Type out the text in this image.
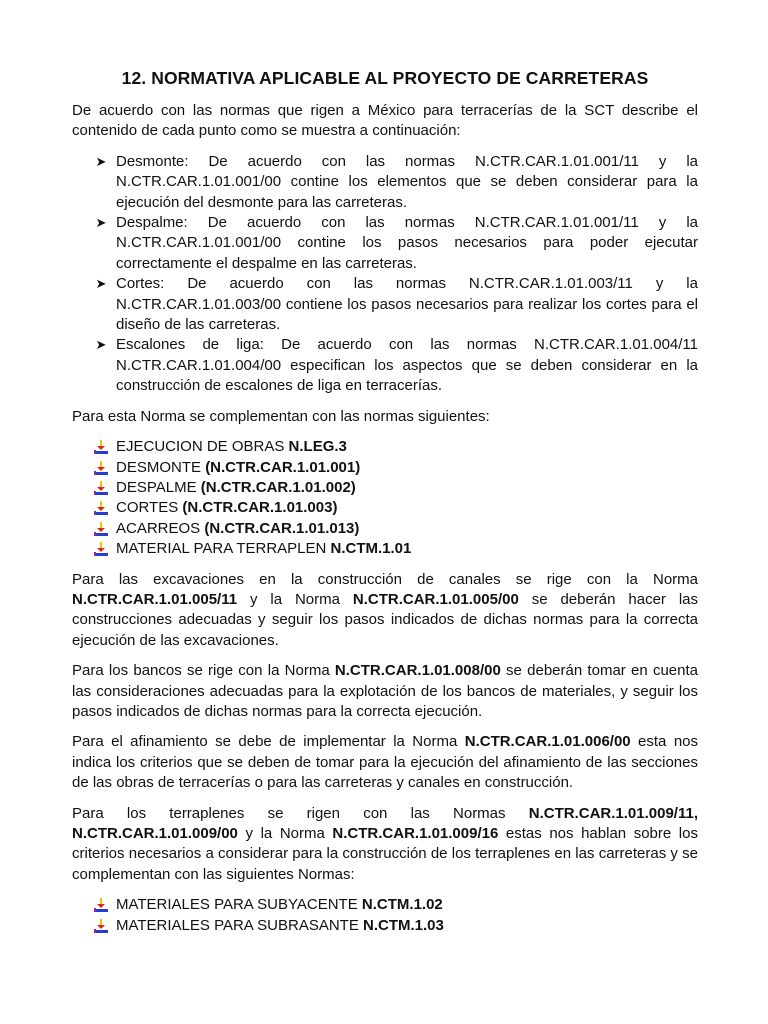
12. NORMATIVA APLICABLE AL PROYECTO DE CARRETERAS

De acuerdo con las normas que rigen a México para terracerías de la SCT describe el contenido de cada punto como se muestra a continuación:

➤ Desmonte: De acuerdo con las normas N.CTR.CAR.1.01.001/11 y la N.CTR.CAR.1.01.001/00 contine los elementos que se deben considerar para la ejecución del desmonte para las carreteras.
➤ Despalme: De acuerdo con las normas N.CTR.CAR.1.01.001/11 y la N.CTR.CAR.1.01.001/00 contine los pasos necesarios para poder ejecutar correctamente el despalme en las carreteras.
➤ Cortes: De acuerdo con las normas N.CTR.CAR.1.01.003/11 y la N.CTR.CAR.1.01.003/00 contiene los pasos necesarios para realizar los cortes para el diseño de las carreteras.
➤ Escalones de liga: De acuerdo con las normas N.CTR.CAR.1.01.004/11 N.CTR.CAR.1.01.004/00 especifican los aspectos que se deben considerar en la construcción de escalones de liga en terracerías.

Para esta Norma se complementan con las normas siguientes:

EJECUCION DE OBRAS N.LEG.3
DESMONTE (N.CTR.CAR.1.01.001)
DESPALME (N.CTR.CAR.1.01.002)
CORTES (N.CTR.CAR.1.01.003)
ACARREOS (N.CTR.CAR.1.01.013)
MATERIAL PARA TERRAPLEN N.CTM.1.01

Para las excavaciones en la construcción de canales se rige con la Norma N.CTR.CAR.1.01.005/11 y la Norma N.CTR.CAR.1.01.005/00 se deberán hacer las construcciones adecuadas y seguir los pasos indicados de dichas normas para la correcta ejecución de las excavaciones.

Para los bancos se rige con la Norma N.CTR.CAR.1.01.008/00 se deberán tomar en cuenta las consideraciones adecuadas para la explotación de los bancos de materiales, y seguir los pasos indicados de dichas normas para la correcta ejecución.

Para el afinamiento se debe de implementar la Norma N.CTR.CAR.1.01.006/00 esta nos indica los criterios que se deben de tomar para la ejecución del afinamiento de las secciones de las obras de terracerías o para las carreteras y canales en construcción.

Para los terraplenes se rigen con las Normas N.CTR.CAR.1.01.009/11, N.CTR.CAR.1.01.009/00 y la Norma N.CTR.CAR.1.01.009/16 estas nos hablan sobre los criterios necesarios a considerar para la construcción de los terraplenes en las carreteras y se complementan con las siguientes Normas:

MATERIALES PARA SUBYACENTE N.CTM.1.02
MATERIALES PARA SUBRASANTE N.CTM.1.03
